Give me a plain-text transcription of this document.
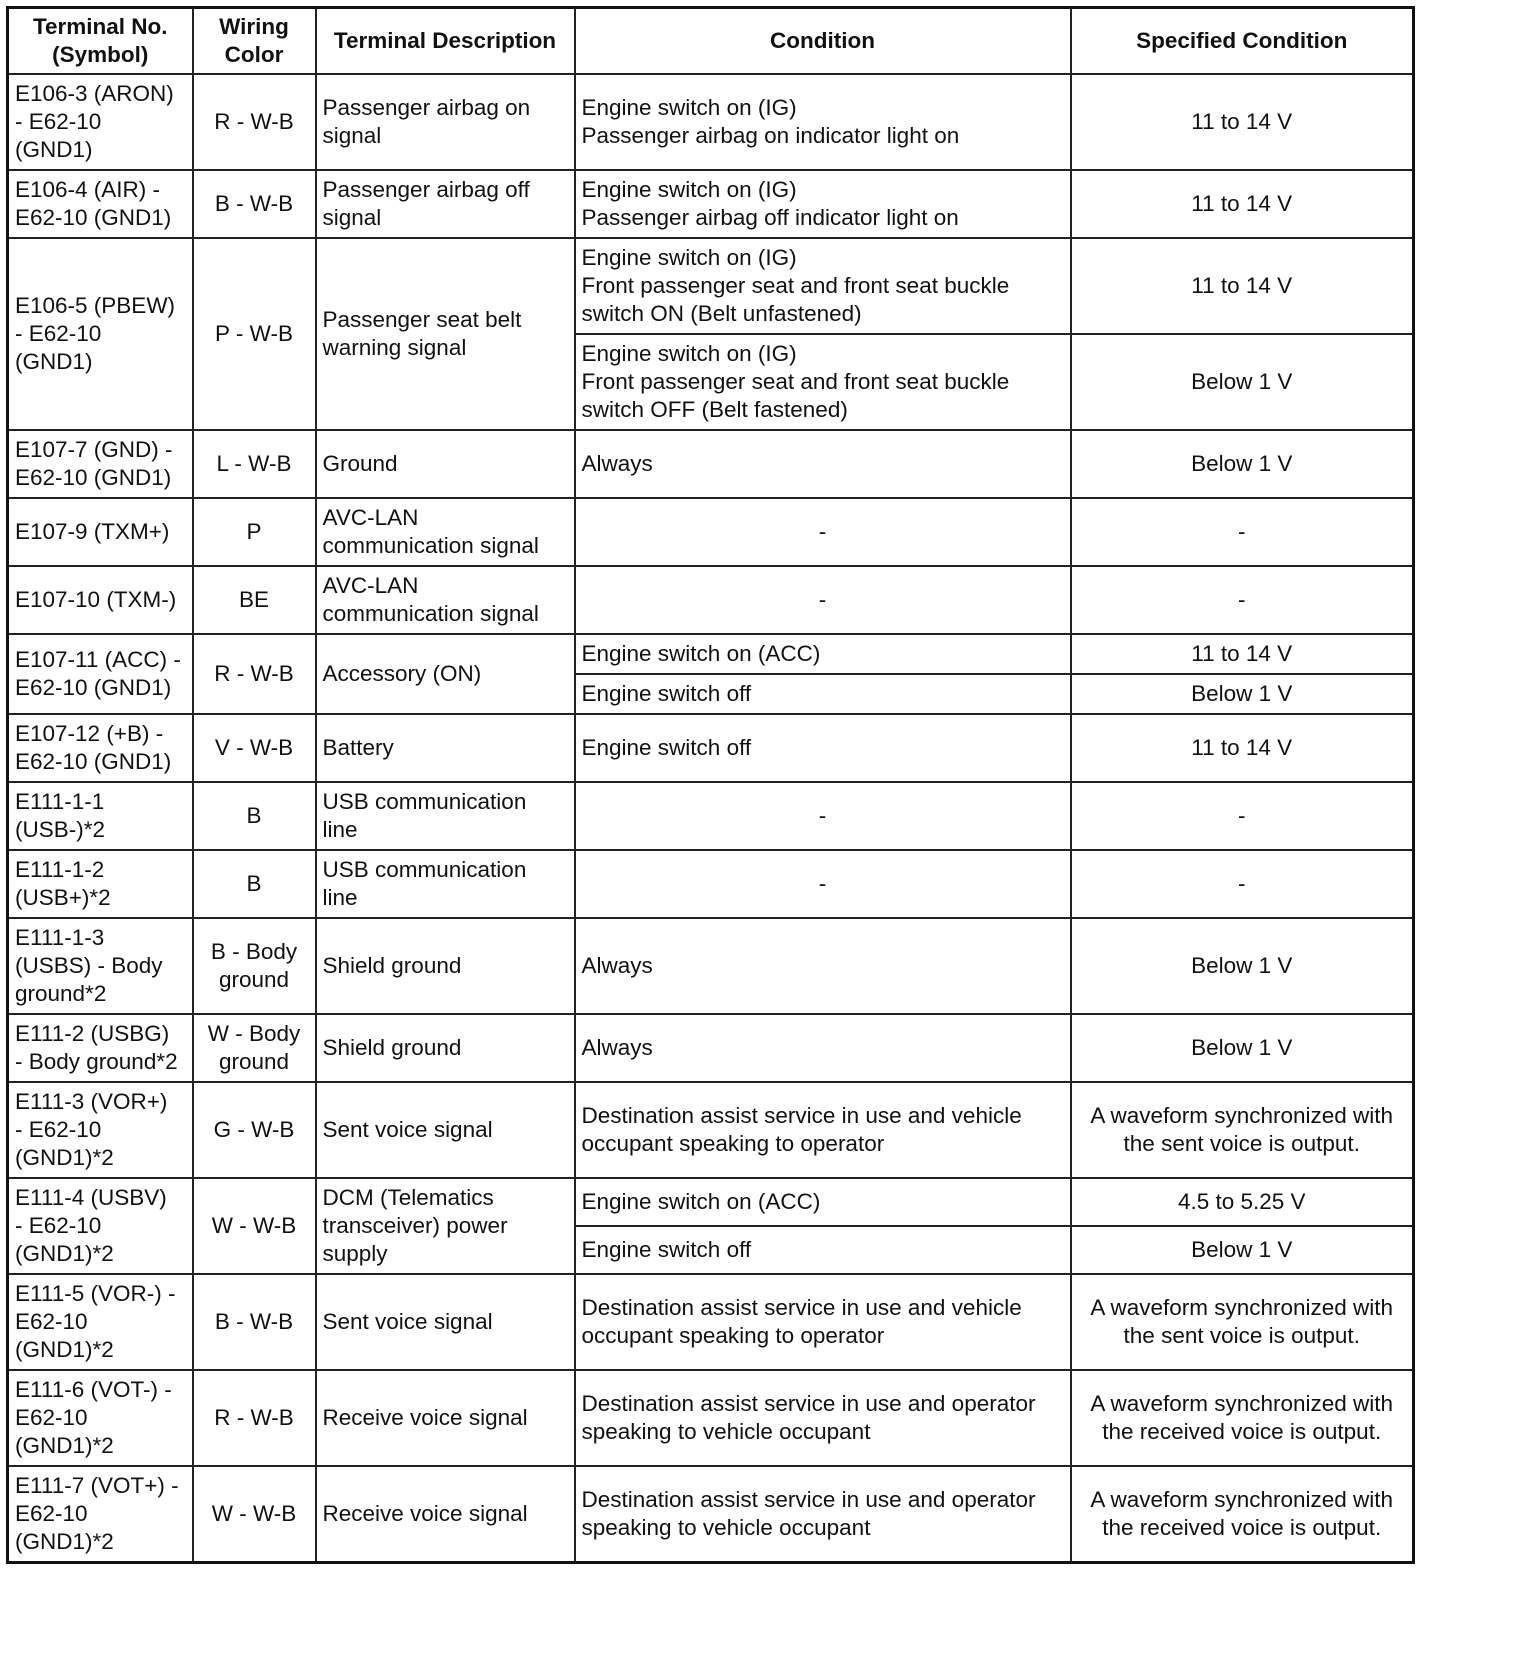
Terminal No.
(Symbol)	Wiring
Color	Terminal Description	Condition	Specified Condition
E106-3 (ARON)
- E62-10
(GND1)	R - W-B	Passenger airbag on signal	Engine switch on (IG)
Passenger airbag on indicator light on	11 to 14 V
E106-4 (AIR) -
E62-10 (GND1)	B - W-B	Passenger airbag off signal	Engine switch on (IG)
Passenger airbag off indicator light on	11 to 14 V
E106-5 (PBEW)
- E62-10
(GND1)	P - W-B	Passenger seat belt warning signal	Engine switch on (IG)
Front passenger seat and front seat buckle switch ON (Belt unfastened)	11 to 14 V
			Engine switch on (IG)
Front passenger seat and front seat buckle switch OFF (Belt fastened)	Below 1 V
E107-7 (GND) -
E62-10 (GND1)	L - W-B	Ground	Always	Below 1 V
E107-9 (TXM+)	P	AVC-LAN communication signal	-	-
E107-10 (TXM-)	BE	AVC-LAN communication signal	-	-
E107-11 (ACC) -
E62-10 (GND1)	R - W-B	Accessory (ON)	Engine switch on (ACC)	11 to 14 V
			Engine switch off	Below 1 V
E107-12 (+B) -
E62-10 (GND1)	V - W-B	Battery	Engine switch off	11 to 14 V
E111-1-1
(USB-)*2	B	USB communication line	-	-
E111-1-2
(USB+)*2	B	USB communication line	-	-
E111-1-3
(USBS) - Body
ground*2	B - Body
ground	Shield ground	Always	Below 1 V
E111-2 (USBG)
- Body ground*2	W - Body
ground	Shield ground	Always	Below 1 V
E111-3 (VOR+)
- E62-10
(GND1)*2	G - W-B	Sent voice signal	Destination assist service in use and vehicle occupant speaking to operator	A waveform synchronized with the sent voice is output.
E111-4 (USBV)
- E62-10
(GND1)*2	W - W-B	DCM (Telematics transceiver) power supply	Engine switch on (ACC)	4.5 to 5.25 V
			Engine switch off	Below 1 V
E111-5 (VOR-) -
E62-10
(GND1)*2	B - W-B	Sent voice signal	Destination assist service in use and vehicle occupant speaking to operator	A waveform synchronized with the sent voice is output.
E111-6 (VOT-) -
E62-10
(GND1)*2	R - W-B	Receive voice signal	Destination assist service in use and operator speaking to vehicle occupant	A waveform synchronized with the received voice is output.
E111-7 (VOT+) -
E62-10
(GND1)*2	W - W-B	Receive voice signal	Destination assist service in use and operator speaking to vehicle occupant	A waveform synchronized with the received voice is output.
